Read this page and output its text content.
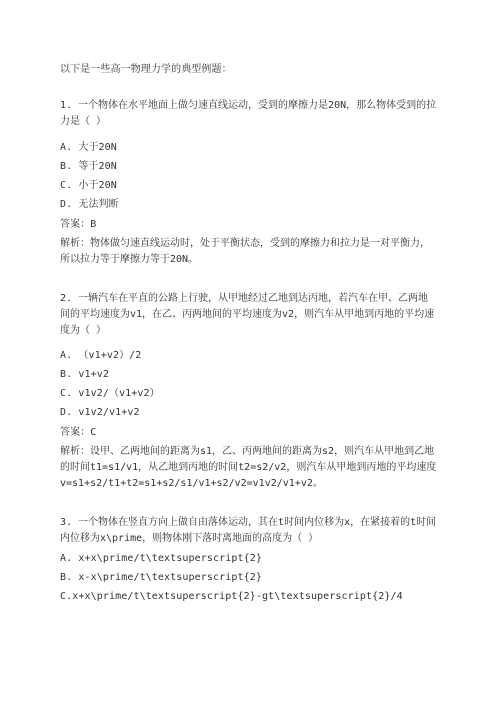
以下是一些高一物理力学的典型例题：
1. 一个物体在水平地面上做匀速直线运动，受到的摩擦力是20N，那么物体受到的拉力是（ ）
A. 大于20N
B. 等于20N
C. 小于20N
D. 无法判断
答案：B
解析：物体做匀速直线运动时，处于平衡状态，受到的摩擦力和拉力是一对平衡力，所以拉力等于摩擦力等于20N。
2. 一辆汽车在平直的公路上行驶，从甲地经过乙地到达丙地，若汽车在甲、乙两地间的平均速度为v1，在乙、丙两地间的平均速度为v2，则汽车从甲地到丙地的平均速度为（ ）
A. （v1+v2）/2
B. v1+v2
C. v1v2/（v1+v2）
D. v1v2/v1+v2
答案：C
解析：设甲、乙两地间的距离为s1，乙、丙两地间的距离为s2，则汽车从甲地到乙地的时间t1=s1/v1，从乙地到丙地的时间t2=s2/v2，则汽车从甲地到丙地的平均速度v=s1+s2/t1+t2=s1+s2/s1/v1+s2/v2=v1v2/v1+v2。
3. 一个物体在竖直方向上做自由落体运动，其在t时间内位移为x，在紧接着的t时间内位移为x\prime，则物体刚下落时离地面的高度为（ ）
A. x+x\prime/t\textsuperscript{2}
B. x-x\prime/t\textsuperscript{2}
C.x+x\prime/t\textsuperscript{2}-gt\textsuperscript{2}/4
